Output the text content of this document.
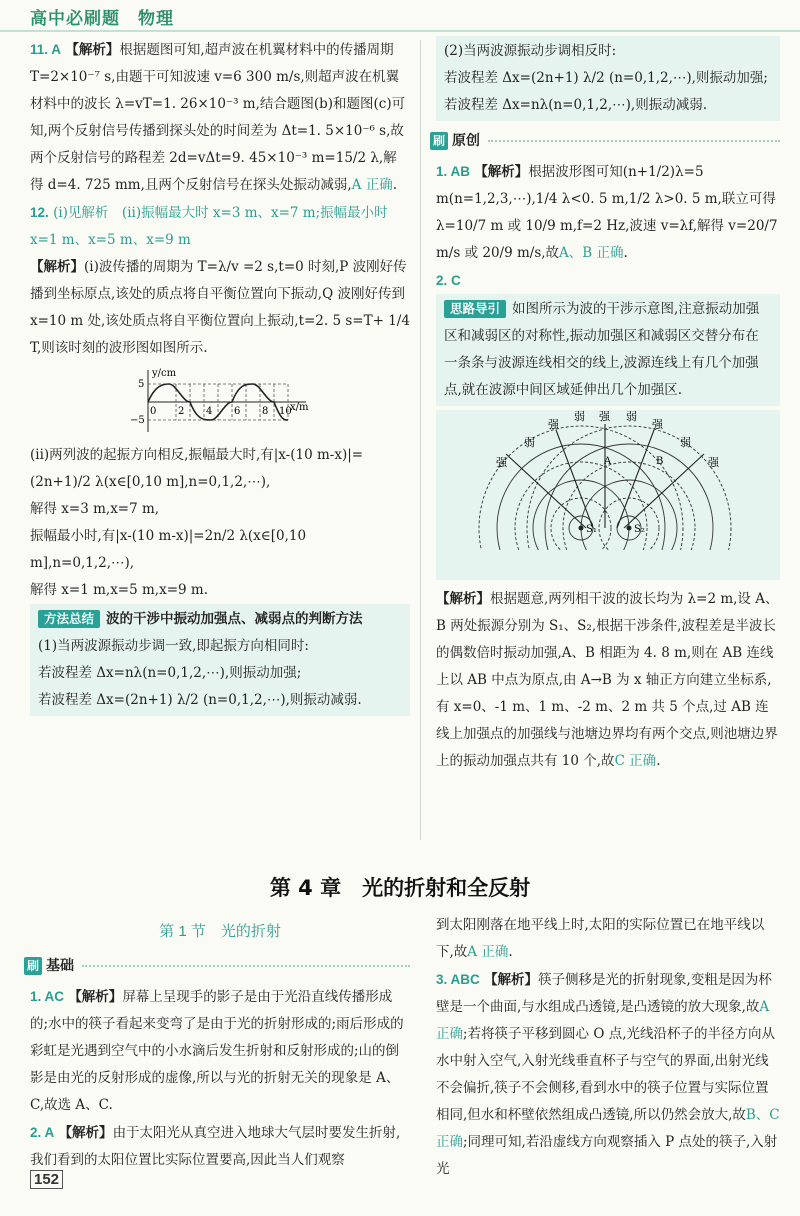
高中必刷题　物理
11. A 【解析】根据题图可知,超声波在机翼材料中的传播周期 T=2×10⁻⁷ s,由题干可知波速 v=6 300 m/s,则超声波在机翼材料中的波长 λ=vT=1. 26×10⁻³ m,结合题图(b)和题图(c)可知,两个反射信号传播到探头处的时间差为 Δt=1. 5×10⁻⁶ s,故两个反射信号的路程差 2d=vΔt=9. 45×10⁻³ m=15/2 λ,解得 d=4. 725 mm,且两个反射信号在探头处振动减弱,A 正确.
12. (i)见解析　(ii)振幅最大时 x=3 m、x=7 m;振幅最小时 x=1 m、x=5 m、x=9 m
【解析】(i)波传播的周期为 T=λ/v =2 s,t=0 时刻,P 波刚好传播到坐标原点,该处的质点将自平衡位置向下振动,Q 波刚好传到 x=10 m 处,该处质点将自平衡位置向上振动,t=2. 5 s=T+ 1/4 T,则该时刻的波形图如图所示.
y/cm
x/m
5
−5
0 2 4 6 8 10
(ii)两列波的起振方向相反,振幅最大时,有|x-(10 m-x)|=(2n+1)/2 λ(x∈[0,10 m],n=0,1,2,⋯),
解得 x=3 m,x=7 m,
振幅最小时,有|x-(10 m-x)|=2n/2 λ(x∈[0,10 m],n=0,1,2,⋯),
解得 x=1 m,x=5 m,x=9 m.
方法总结 波的干涉中振动加强点、减弱点的判断方法
(1)当两波源振动步调一致,即起振方向相同时:
若波程差 Δx=nλ(n=0,1,2,⋯),则振动加强;
若波程差 Δx=(2n+1) λ/2 (n=0,1,2,⋯),则振动减弱.
(2)当两波源振动步调相反时:
若波程差 Δx=(2n+1) λ/2 (n=0,1,2,⋯),则振动加强;
若波程差 Δx=nλ(n=0,1,2,⋯),则振动减弱.
刷 原创
1. AB 【解析】根据波形图可知(n+1/2)λ=5 m(n=1,2,3,⋯),1/4 λ<0. 5 m,1/2 λ>0. 5 m,联立可得 λ=10/7 m 或 10/9 m,f=2 Hz,波速 v=λf,解得 v=20/7 m/s 或 20/9 m/s,故A、B 正确.
2. C
思路导引 如图所示为波的干涉示意图,注意振动加强区和减弱区的对称性,振动加强区和减弱区交替分布在一条条与波源连线相交的线上,波源连线上有几个加强点,就在波源中间区域延伸出几个加强区.
S₁	S₂
A	B
强
弱
强
弱 强 弱
强
弱
强
【解析】根据题意,两列相干波的波长均为 λ=2 m,设 A、B 两处振源分别为 S₁、S₂,根据干涉条件,波程差是半波长的偶数倍时振动加强,A、B 相距为 4. 8 m,则在 AB 连线上以 AB 中点为原点,由 A→B 为 x 轴正方向建立坐标系,有 x=0、-1 m、1 m、-2 m、2 m 共 5 个点,过 AB 连线上加强点的加强线与池塘边界均有两个交点,则池塘边界上的振动加强点共有 10 个,故C 正确.
第 4 章　光的折射和全反射
第 1 节　光的折射
刷 基础
1. AC 【解析】屏幕上呈现手的影子是由于光沿直线传播形成的;水中的筷子看起来变弯了是由于光的折射形成的;雨后形成的彩虹是光遇到空气中的小水滴后发生折射和反射形成的;山的倒影是由光的反射形成的虚像,所以与光的折射无关的现象是 A、C,故选 A、C.
2. A 【解析】由于太阳光从真空进入地球大气层时要发生折射,我们看到的太阳位置比实际位置要高,因此当人们观察
到太阳刚落在地平线上时,太阳的实际位置已在地平线以下,故A 正确.
3. ABC 【解析】筷子侧移是光的折射现象,变粗是因为杯壁是一个曲面,与水组成凸透镜,是凸透镜的放大现象,故A 正确;若将筷子平移到圆心 O 点,光线沿杯子的半径方向从水中射入空气,入射光线垂直杯子与空气的界面,出射光线不会偏折,筷子不会侧移,看到水中的筷子位置与实际位置相同,但水和杯壁依然组成凸透镜,所以仍然会放大,故B、C 正确;同理可知,若沿虚线方向观察插入 P 点处的筷子,入射光
152
